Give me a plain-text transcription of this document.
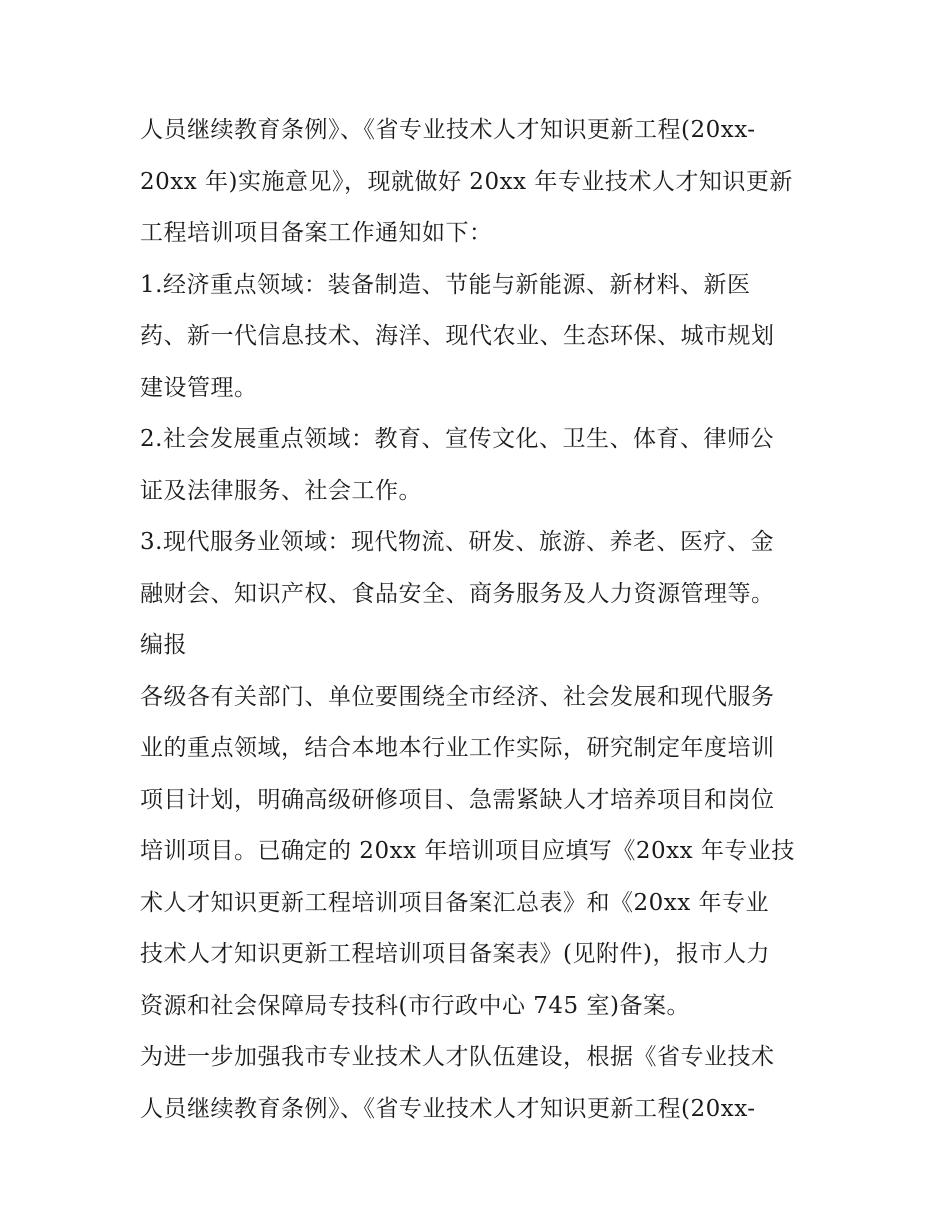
人员继续教育条例》、《省专业技术人才知识更新工程(20xx-
20xx 年)实施意见》，现就做好 20xx 年专业技术人才知识更新
工程培训项目备案工作通知如下：
1.经济重点领域：装备制造、节能与新能源、新材料、新医
药、新一代信息技术、海洋、现代农业、生态环保、城市规划
建设管理。
2.社会发展重点领域：教育、宣传文化、卫生、体育、律师公
证及法律服务、社会工作。
3.现代服务业领域：现代物流、研发、旅游、养老、医疗、金
融财会、知识产权、食品安全、商务服务及人力资源管理等。
编报
各级各有关部门、单位要围绕全市经济、社会发展和现代服务
业的重点领域，结合本地本行业工作实际，研究制定年度培训
项目计划，明确高级研修项目、急需紧缺人才培养项目和岗位
培训项目。已确定的 20xx 年培训项目应填写《20xx 年专业技
术人才知识更新工程培训项目备案汇总表》和《20xx 年专业
技术人才知识更新工程培训项目备案表》(见附件)，报市人力
资源和社会保障局专技科(市行政中心 745 室)备案。
为进一步加强我市专业技术人才队伍建设，根据《省专业技术
人员继续教育条例》、《省专业技术人才知识更新工程(20xx-
